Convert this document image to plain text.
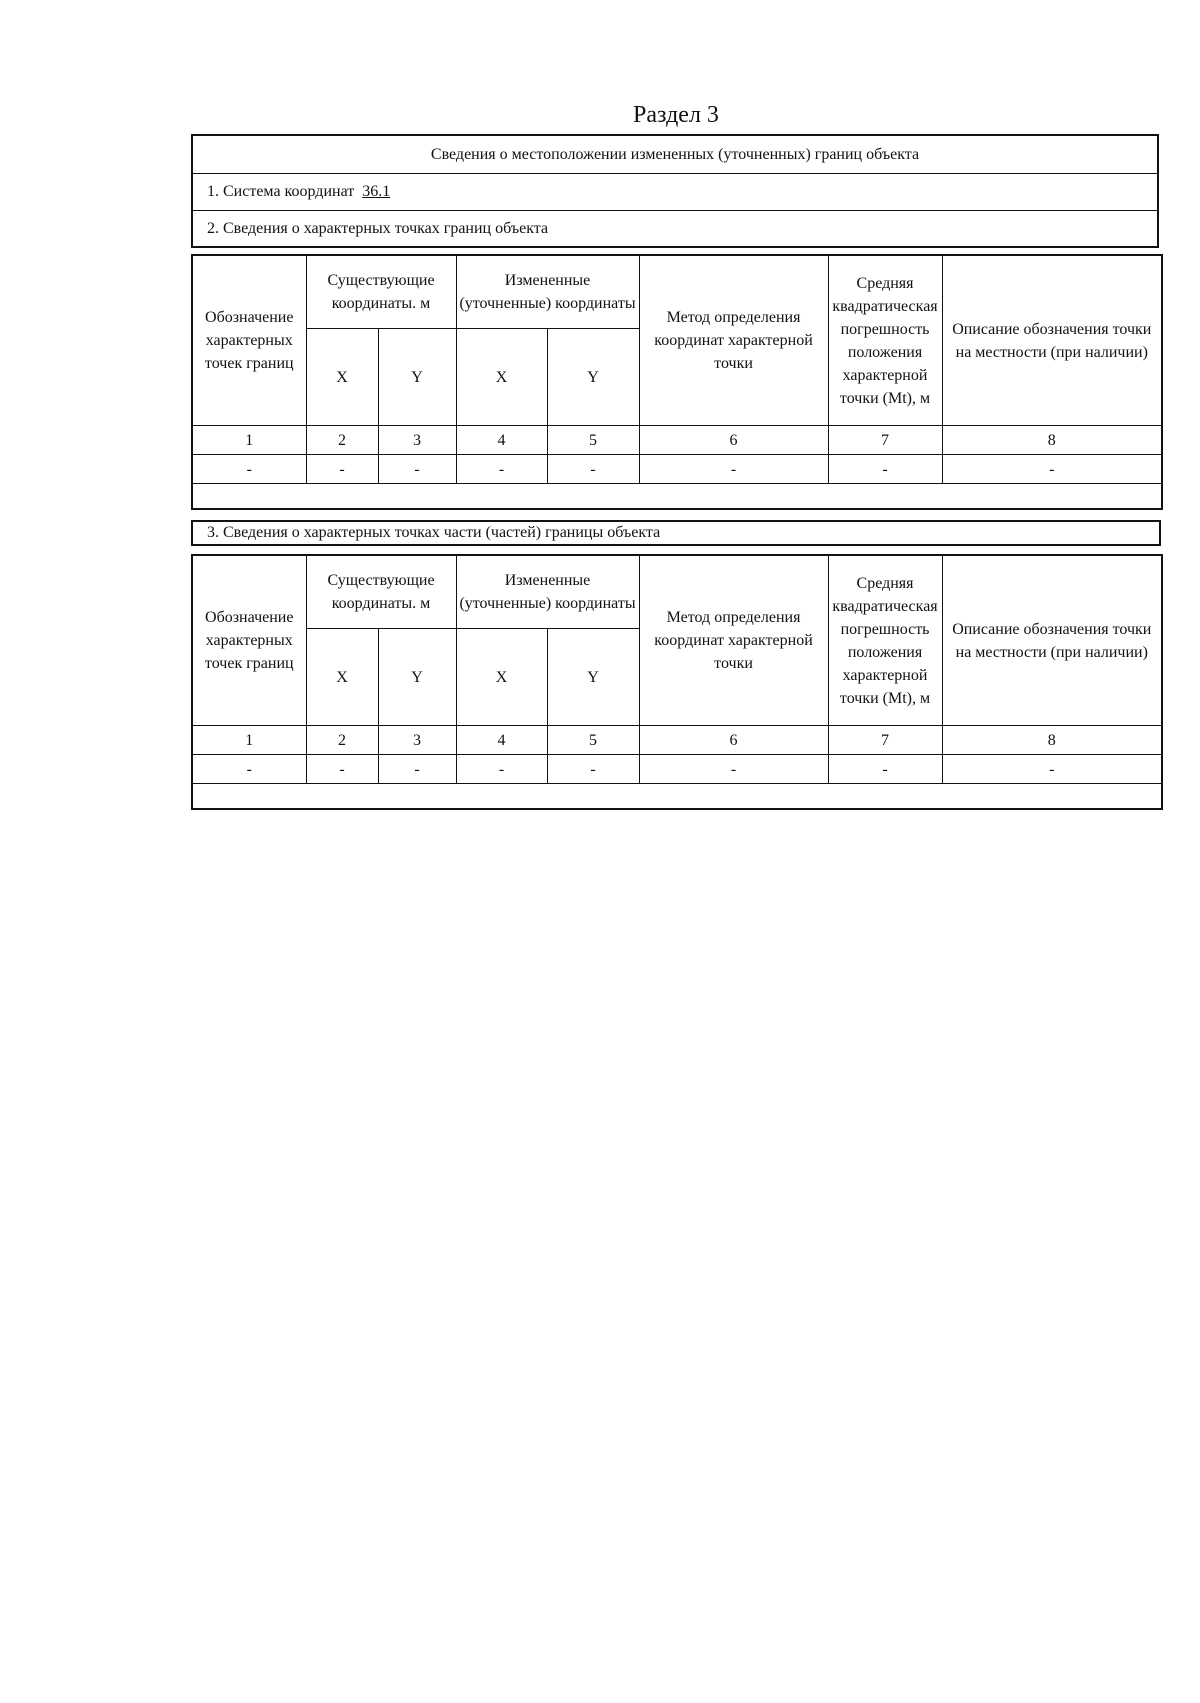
Раздел 3
Сведения о местоположении измененных (уточненных) границ объекта
1. Система координат 36.1
2. Сведения о характерных точках границ объекта
Обозначение характерных точек границ	Существующие координаты. м		Измененные (уточненные) координаты		Метод определения координат характерной точки	Средняя квадратическая погрешность положения характерной точки (Mt), м	Описание обозначения точки на местности (при наличии)
	X	Y	X	Y			
1	2	3	4	5	6	7	8
-	-	-	-	-	-	-	-

3. Сведения о характерных точках части (частей) границы объекта
Обозначение характерных точек границ	Существующие координаты. м		Измененные (уточненные) координаты		Метод определения координат характерной точки	Средняя квадратическая погрешность положения характерной точки (Mt), м	Описание обозначения точки на местности (при наличии)
	X	Y	X	Y			
1	2	3	4	5	6	7	8
-	-	-	-	-	-	-	-
